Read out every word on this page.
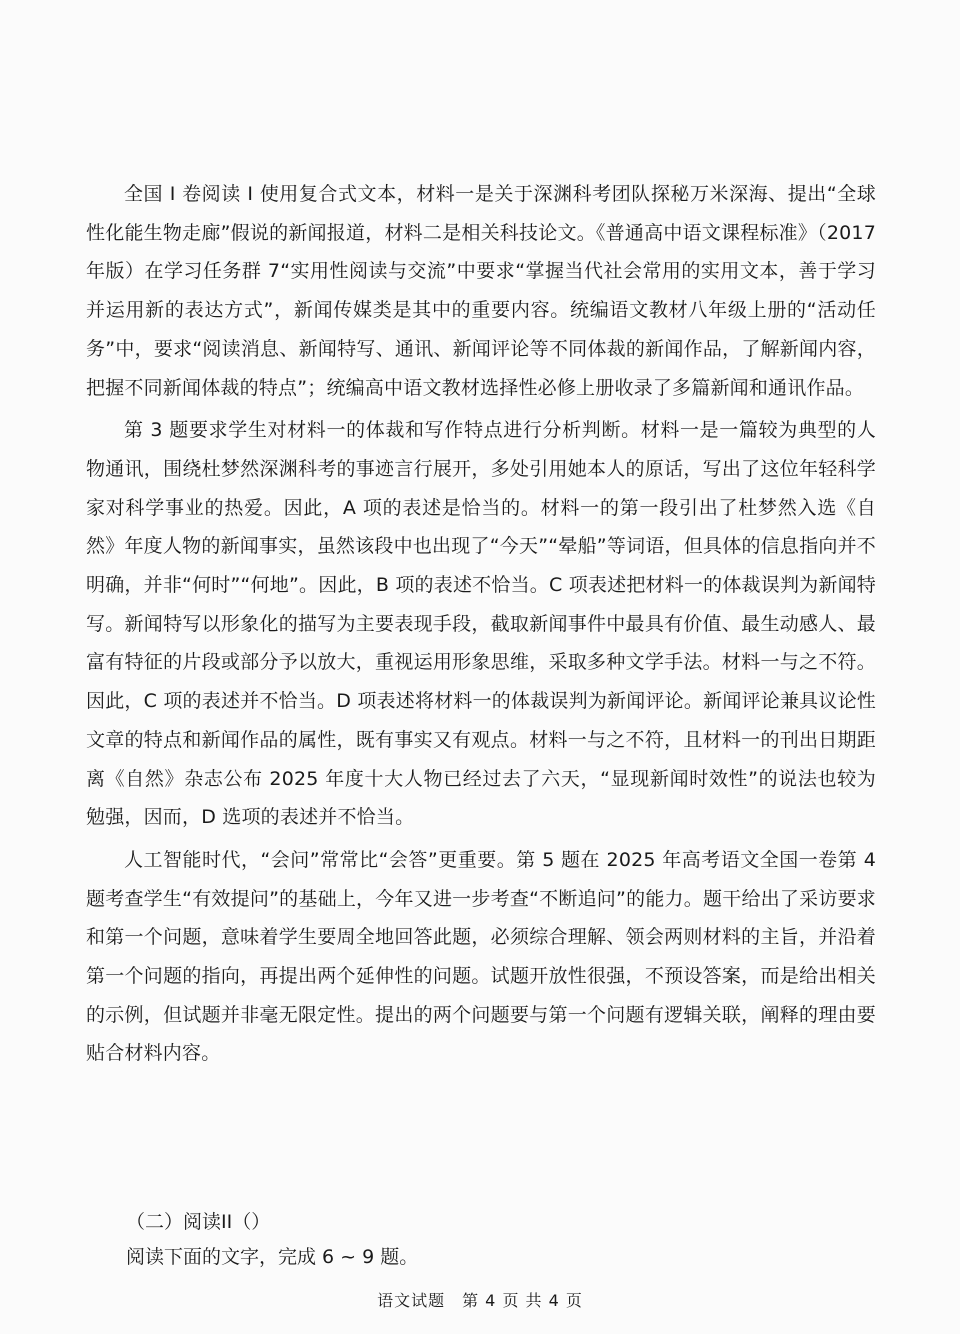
全国 I 卷阅读 I 使用复合式文本，材料一是关于深渊科考团队探秘万米深海、提出“全球性化能生物走廊”假说的新闻报道，材料二是相关科技论文。《普通高中语文课程标准》（2017年版）在学习任务群 7“实用性阅读与交流”中要求“掌握当代社会常用的实用文本，善于学习并运用新的表达方式”，新闻传媒类是其中的重要内容。统编语文教材八年级上册的“活动任务”中，要求“阅读消息、新闻特写、通讯、新闻评论等不同体裁的新闻作品，了解新闻内容，把握不同新闻体裁的特点”；统编高中语文教材选择性必修上册收录了多篇新闻和通讯作品。

第 3 题要求学生对材料一的体裁和写作特点进行分析判断。材料一是一篇较为典型的人物通讯，围绕杜梦然深渊科考的事迹言行展开，多处引用她本人的原话，写出了这位年轻科学家对科学事业的热爱。因此，A 项的表述是恰当的。材料一的第一段引出了杜梦然入选《自然》年度人物的新闻事实，虽然该段中也出现了“今天”“晕船”等词语，但具体的信息指向并不明确，并非“何时”“何地”。因此，B 项的表述不恰当。C 项表述把材料一的体裁误判为新闻特写。新闻特写以形象化的描写为主要表现手段，截取新闻事件中最具有价值、最生动感人、最富有特征的片段或部分予以放大，重视运用形象思维，采取多种文学手法。材料一与之不符。因此，C 项的表述并不恰当。D 项表述将材料一的体裁误判为新闻评论。新闻评论兼具议论性文章的特点和新闻作品的属性，既有事实又有观点。材料一与之不符，且材料一的刊出日期距离《自然》杂志公布 2025 年度十大人物已经过去了六天，“显现新闻时效性”的说法也较为勉强，因而，D 选项的表述并不恰当。

人工智能时代，“会问”常常比“会答”更重要。第 5 题在 2025 年高考语文全国一卷第 4 题考查学生“有效提问”的基础上，今年又进一步考查“不断追问”的能力。题干给出了采访要求和第一个问题，意味着学生要周全地回答此题，必须综合理解、领会两则材料的主旨，并沿着第一个问题的指向，再提出两个延伸性的问题。试题开放性很强，不预设答案，而是给出相关的示例，但试题并非毫无限定性。提出的两个问题要与第一个问题有逻辑关联，阐释的理由要贴合材料内容。

（二）阅读II（）

阅读下面的文字，完成 6 ~ 9 题。

语文试题　第 4 页 共 4 页
